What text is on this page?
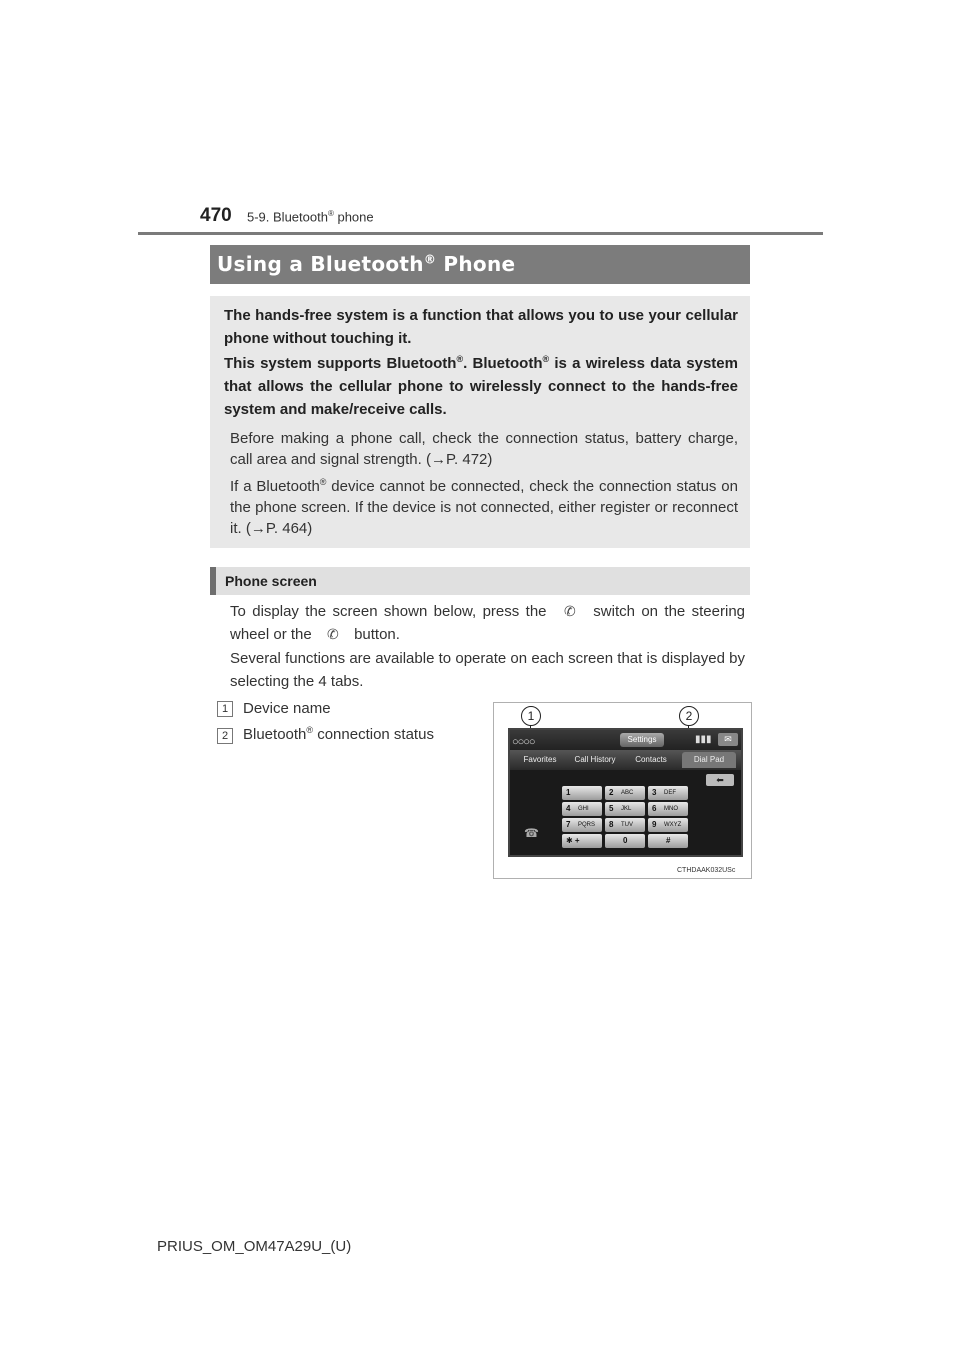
470 5-9. Bluetooth® phone
Using a Bluetooth® Phone
The hands-free system is a function that allows you to use your cellular phone without touching it.
This system supports Bluetooth®. Bluetooth® is a wireless data system that allows the cellular phone to wirelessly connect to the hands-free system and make/receive calls.
Before making a phone call, check the connection status, battery charge, call area and signal strength. (→P. 472)
If a Bluetooth® device cannot be connected, check the connection status on the phone screen. If the device is not connected, either register or reconnect it. (→P. 464)
Phone screen
To display the screen shown below, press the ✆ switch on the steering wheel or the ✆ button.
Several functions are available to operate on each screen that is displayed by selecting the 4 tabs.
1 Device name
2 Bluetooth® connection status
1	2
○○○○	Settings	▮▮▮	✉
Favorites	Call History	Contacts	Dial Pad
⬅
☎
1	2 ABC 3 DEF
4 GHI	5 JKL	6 MNO
7 PQRS 8 TUV 9 WXYZ
✱ +	0	#
CTHDAAK032USc
PRIUS_OM_OM47A29U_(U)
